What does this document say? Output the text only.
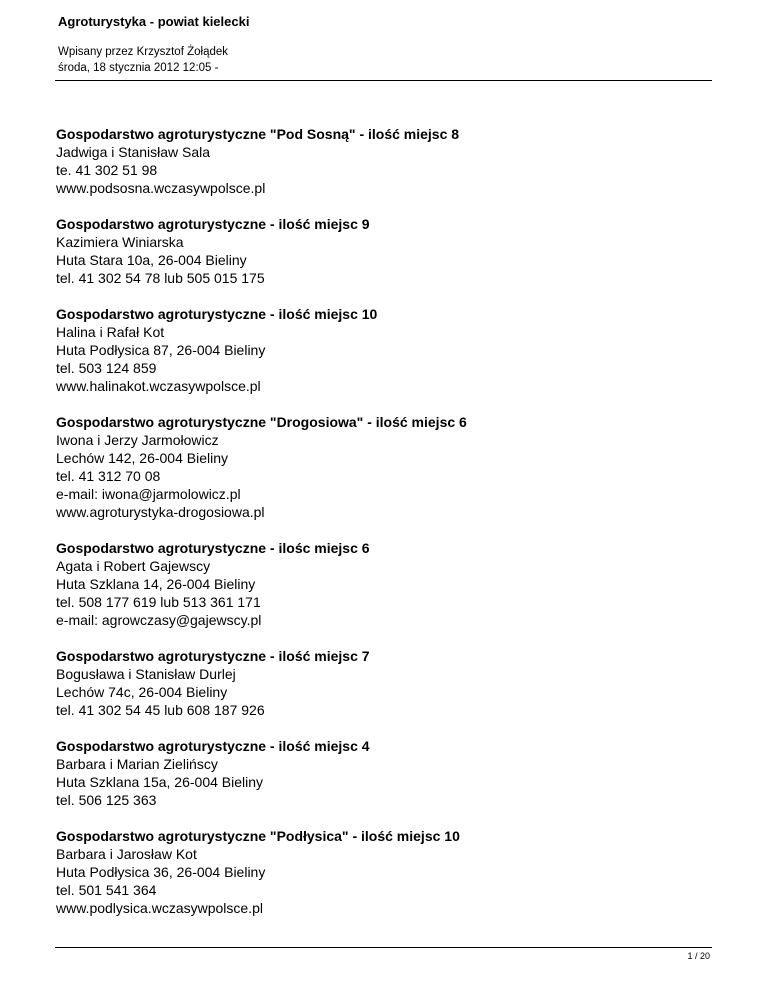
Agroturystyka - powiat kielecki
Wpisany przez Krzysztof Żołądek
środa, 18 stycznia 2012 12:05 -
Gospodarstwo agroturystyczne "Pod Sosną" - ilość miejsc 8
Jadwiga i Stanisław Sala
te. 41 302 51 98
www.podsosna.wczasywpolsce.pl
Gospodarstwo agroturystyczne - ilość miejsc 9
Kazimiera Winiarska
Huta Stara 10a, 26-004 Bieliny
tel. 41 302 54 78 lub 505 015 175
Gospodarstwo agroturystyczne - ilość miejsc 10
Halina i Rafał Kot
Huta Podłysica 87, 26-004 Bieliny
tel. 503 124 859
www.halinakot.wczasywpolsce.pl
Gospodarstwo agroturystyczne "Drogosiowa" - ilość miejsc 6
Iwona i Jerzy Jarmołowicz
Lechów 142, 26-004 Bieliny
tel. 41 312 70 08
e-mail: iwona@jarmolowicz.pl
www.agroturystyka-drogosiowa.pl
Gospodarstwo agroturystyczne - ilośc miejsc 6
Agata i Robert Gajewscy
Huta Szklana 14, 26-004 Bieliny
tel. 508 177 619 lub 513 361 171
e-mail: agrowczasy@gajewscy.pl
Gospodarstwo agroturystyczne - ilość miejsc 7
Bogusława i Stanisław Durlej
Lechów 74c, 26-004 Bieliny
tel. 41 302 54 45 lub 608 187 926
Gospodarstwo agroturystyczne - ilość miejsc 4
Barbara i Marian Zielińscy
Huta Szklana 15a, 26-004 Bieliny
tel. 506 125 363
Gospodarstwo agroturystyczne "Podłysica" - ilość miejsc 10
Barbara i Jarosław Kot
Huta Podłysica 36, 26-004 Bieliny
tel. 501 541 364
www.podlysica.wczasywpolsce.pl
1 / 20
